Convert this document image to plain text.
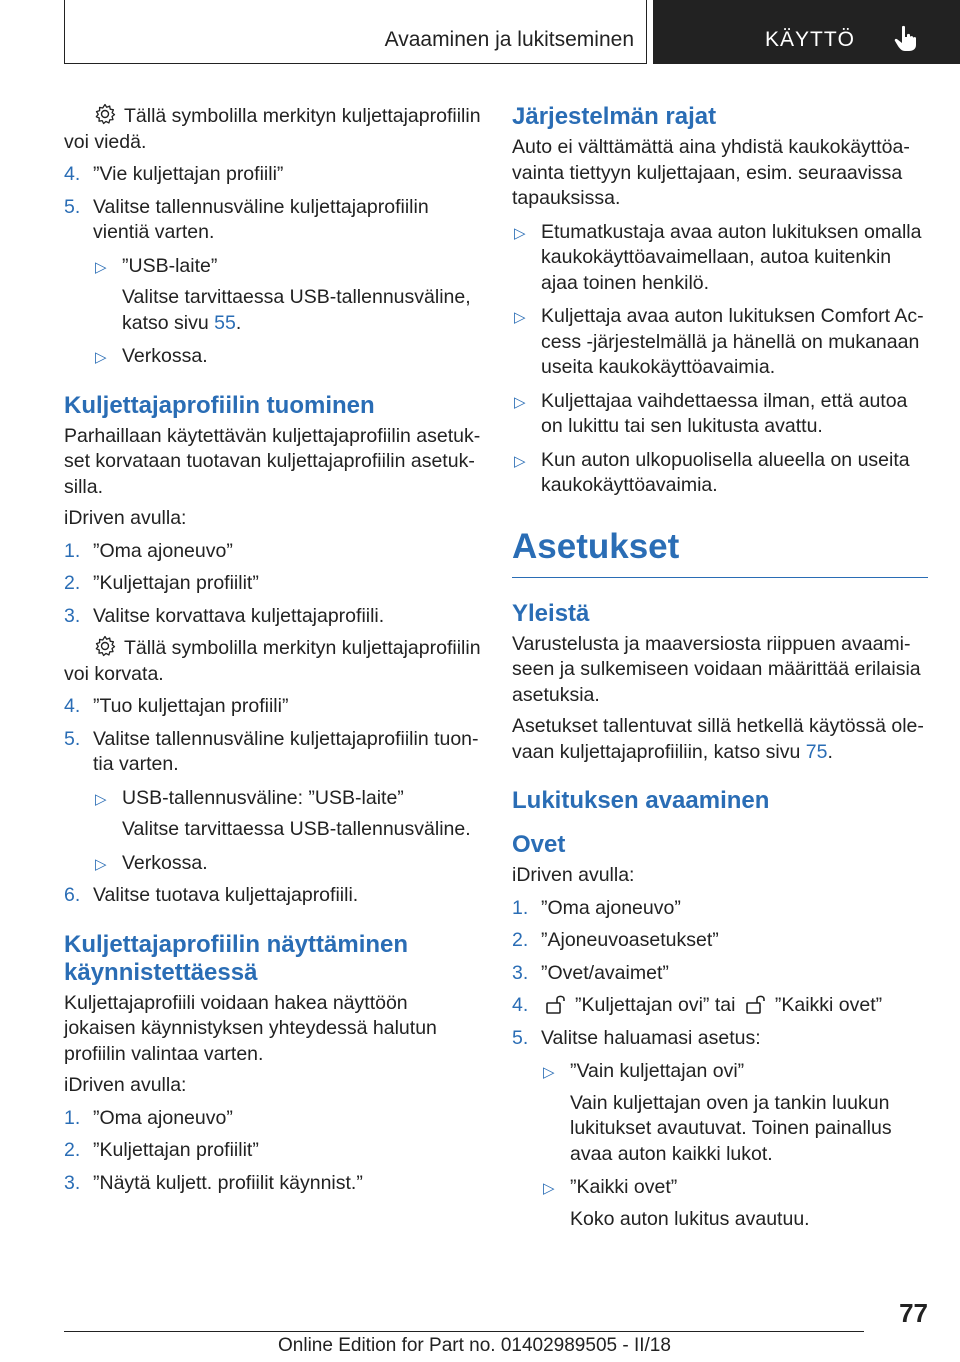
Avaaminen ja lukitseminen	KÄYTTÖ

Tällä symbolilla merkityn kuljettajaprofiilin voi viedä.

4. ”Vie kuljettajan profiili”

5. Valitse tallennusväline kuljettajaprofiilin vientiä varten.

▷ ”USB-laite”

Valitse tarvittaessa USB-tallennusväline, katso sivu 55.

▷ Verkossa.

Kuljettajaprofiilin tuominen

Parhaillaan käytettävän kuljettajaprofiilin asetukset korvataan tuotavan kuljettajaprofiilin asetuksilla.

iDriven avulla:

1. ”Oma ajoneuvo”

2. ”Kuljettajan profiilit”

3. Valitse korvattava kuljettajaprofiili.

Tällä symbolilla merkityn kuljettajaprofiilin voi korvata.

4. ”Tuo kuljettajan profiili”

5. Valitse tallennusväline kuljettajaprofiilin tuontia varten.

▷ USB-tallennusväline: ”USB-laite”

Valitse tarvittaessa USB-tallennusväline.

▷ Verkossa.

6. Valitse tuotava kuljettajaprofiili.

Kuljettajaprofiilin näyttäminen käynnistettäessä

Kuljettajaprofiili voidaan hakea näyttöön jokaisen käynnistyksen yhteydessä halutun profiilin valintaa varten.

iDriven avulla:

1. ”Oma ajoneuvo”

2. ”Kuljettajan profiilit”

3. ”Näytä kuljett. profiilit käynnist.”

Järjestelmän rajat

Auto ei välttämättä aina yhdistä kaukokäyttöavainta tiettyyn kuljettajaan, esim. seuraavissa tapauksissa.

▷ Etumatkustaja avaa auton lukituksen omalla kaukokäyttöavaimellaan, autoa kuitenkin ajaa toinen henkilö.

▷ Kuljettaja avaa auton lukituksen Comfort Access -järjestelmällä ja hänellä on mukanaan useita kaukokäyttöavaimia.

▷ Kuljettajaa vaihdettaessa ilman, että autoa on lukittu tai sen lukitusta avattu.

▷ Kun auton ulkopuolisella alueella on useita kaukokäyttöavaimia.

Asetukset
Yleistä

Varustelusta ja maaversiosta riippuen avaamiseen ja sulkemiseen voidaan määrittää erilaisia asetuksia.

Asetukset tallentuvat sillä hetkellä käytössä olevaan kuljettajaprofiiliin, katso sivu 75.

Lukituksen avaaminen
Ovet

iDriven avulla:

1. ”Oma ajoneuvo”

2. ”Ajoneuvoasetukset”

3. ”Ovet/avaimet”

4. ”Kuljettajan ovi” tai ”Kaikki ovet”

5. Valitse haluamasi asetus:

▷ ”Vain kuljettajan ovi”

Vain kuljettajan oven ja tankin luukun lukitukset avautuvat. Toinen painallus avaa auton kaikki lukot.

▷ ”Kaikki ovet”

Koko auton lukitus avautuu.

77
Online Edition for Part no. 01402989505 - II/18
